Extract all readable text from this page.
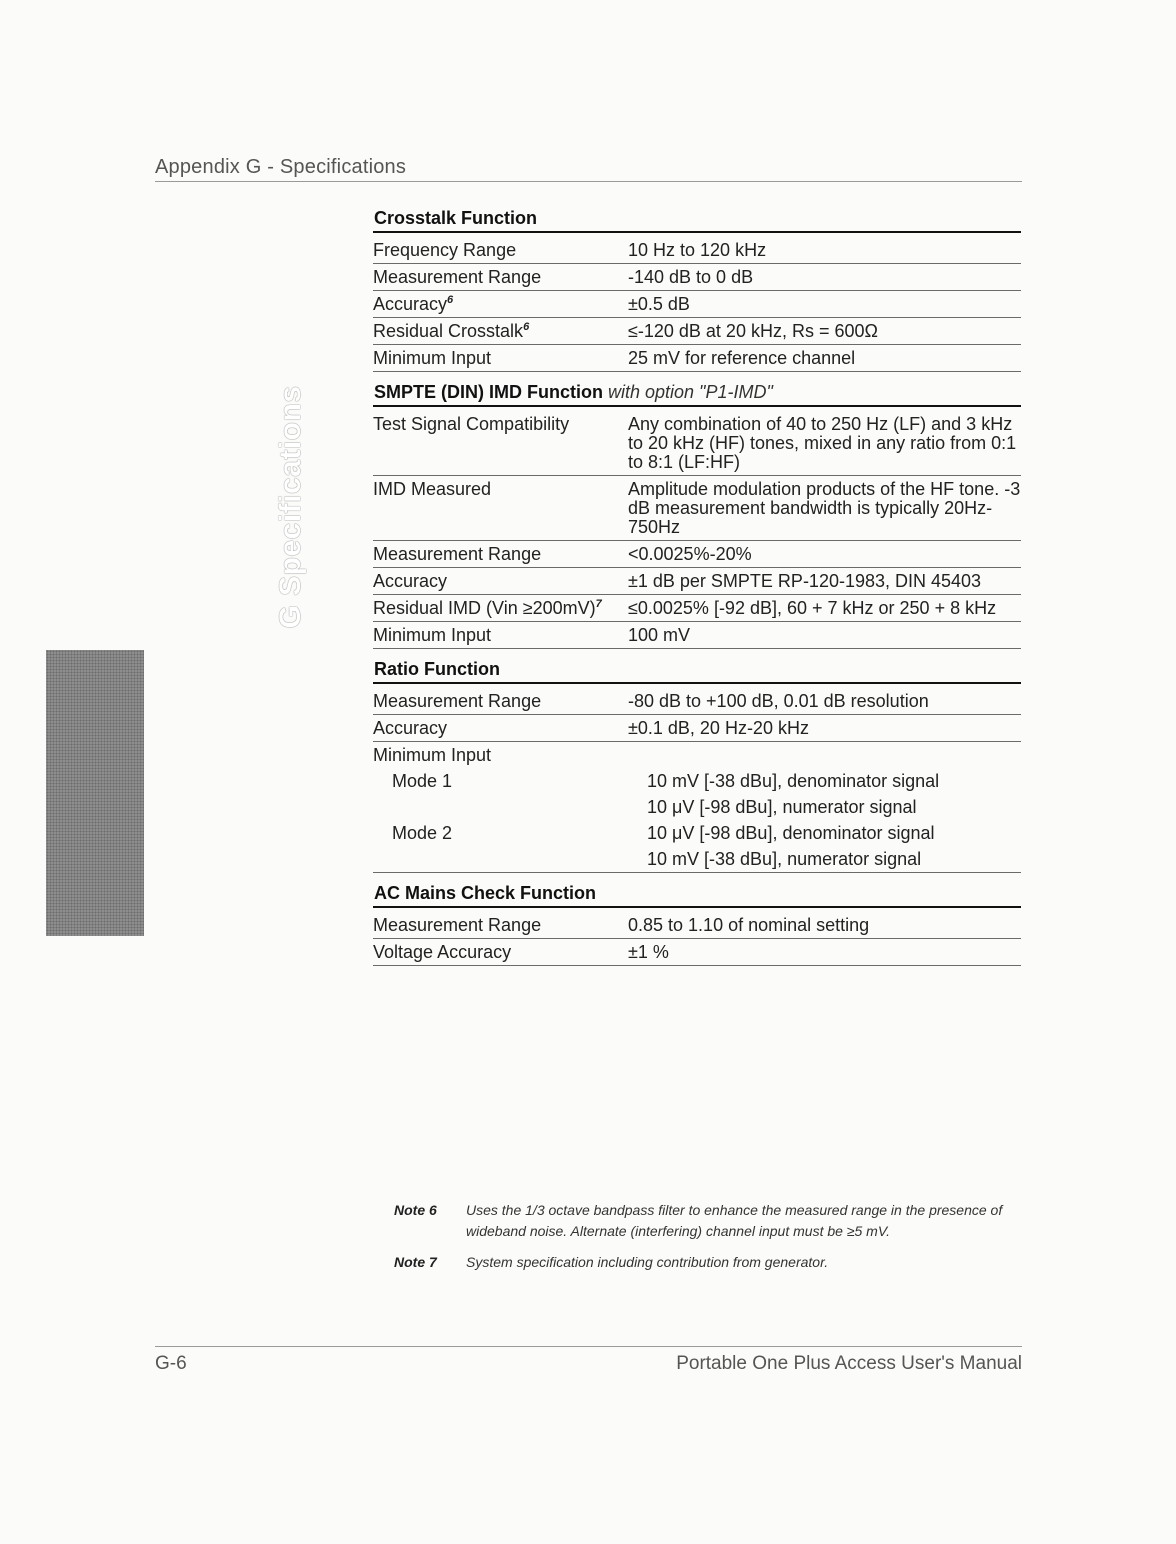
Appendix G - Specifications
G Specifications
Crosstalk Function
Frequency Range	10 Hz to 120 kHz
Measurement Range	-140 dB to 0 dB
Accuracy$^6$	±0.5 dB
Residual Crosstalk$^6$	≤-120 dB at 20 kHz, Rs = 600Ω
Minimum Input	25 mV for reference channel
SMPTE (DIN) IMD Function with option "P1-IMD"
Test Signal Compatibility	Any combination of 40 to 250 Hz (LF) and 3 kHz to 20 kHz (HF) tones, mixed in any ratio from 0:1 to 8:1 (LF:HF)
IMD Measured	Amplitude modulation products of the HF tone. -3 dB measurement bandwidth is typically 20Hz-750Hz
Measurement Range	<0.0025%-20%
Accuracy	±1 dB per SMPTE RP-120-1983, DIN 45403
Residual IMD (Vin ≥200mV)$^7$	≤0.0025% [-92 dB], 60 + 7 kHz or 250 + 8 kHz
Minimum Input	100 mV
Ratio Function
Measurement Range	-80 dB to +100 dB, 0.01 dB resolution
Accuracy	±0.1 dB, 20 Hz-20 kHz
Minimum Input
Mode 1	10 mV [-38 dBu], denominator signal
10 μV [-98 dBu], numerator signal
Mode 2	10 μV [-98 dBu], denominator signal
10 mV [-38 dBu], numerator signal
AC Mains Check Function
Measurement Range	0.85 to 1.10 of nominal setting
Voltage Accuracy	±1 %
Note 6	Uses the 1/3 octave bandpass filter to enhance the measured range in the presence of wideband noise. Alternate (interfering) channel input must be ≥5 mV.
Note 7	System specification including contribution from generator.
G-6	Portable One Plus Access User's Manual
